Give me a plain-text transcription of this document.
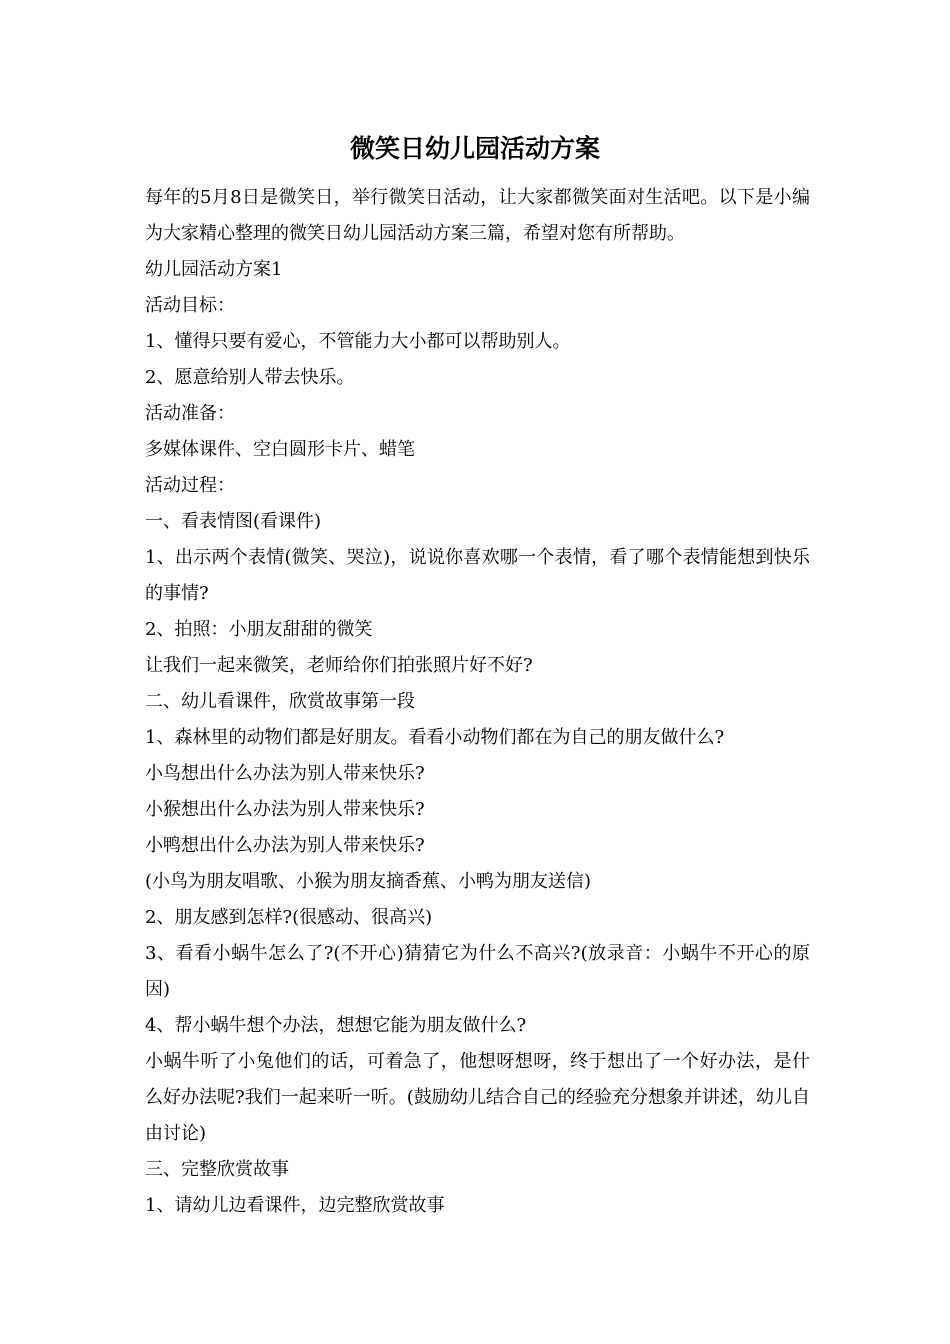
微笑日幼儿园活动方案

每年的5月8日是微笑日，举行微笑日活动，让大家都微笑面对生活吧。以下是小编为大家精心整理的微笑日幼儿园活动方案三篇，希望对您有所帮助。

幼儿园活动方案1

活动目标：

1、懂得只要有爱心，不管能力大小都可以帮助别人。

2、愿意给别人带去快乐。

活动准备：

多媒体课件、空白圆形卡片、蜡笔

活动过程：

一、看表情图(看课件)

1、出示两个表情(微笑、哭泣)，说说你喜欢哪一个表情，看了哪个表情能想到快乐的事情?

2、拍照：小朋友甜甜的微笑

让我们一起来微笑，老师给你们拍张照片好不好?

二、幼儿看课件，欣赏故事第一段

1、森林里的动物们都是好朋友。看看小动物们都在为自己的朋友做什么?

小鸟想出什么办法为别人带来快乐?

小猴想出什么办法为别人带来快乐?

小鸭想出什么办法为别人带来快乐?

(小鸟为朋友唱歌、小猴为朋友摘香蕉、小鸭为朋友送信)

2、朋友感到怎样?(很感动、很高兴)

3、看看小蜗牛怎么了?(不开心)猜猜它为什么不高兴?(放录音：小蜗牛不开心的原因)

4、帮小蜗牛想个办法，想想它能为朋友做什么?

小蜗牛听了小兔他们的话，可着急了，他想呀想呀，终于想出了一个好办法，是什么好办法呢?我们一起来听一听。(鼓励幼儿结合自己的经验充分想象并讲述，幼儿自由讨论)

三、完整欣赏故事

1、请幼儿边看课件，边完整欣赏故事
